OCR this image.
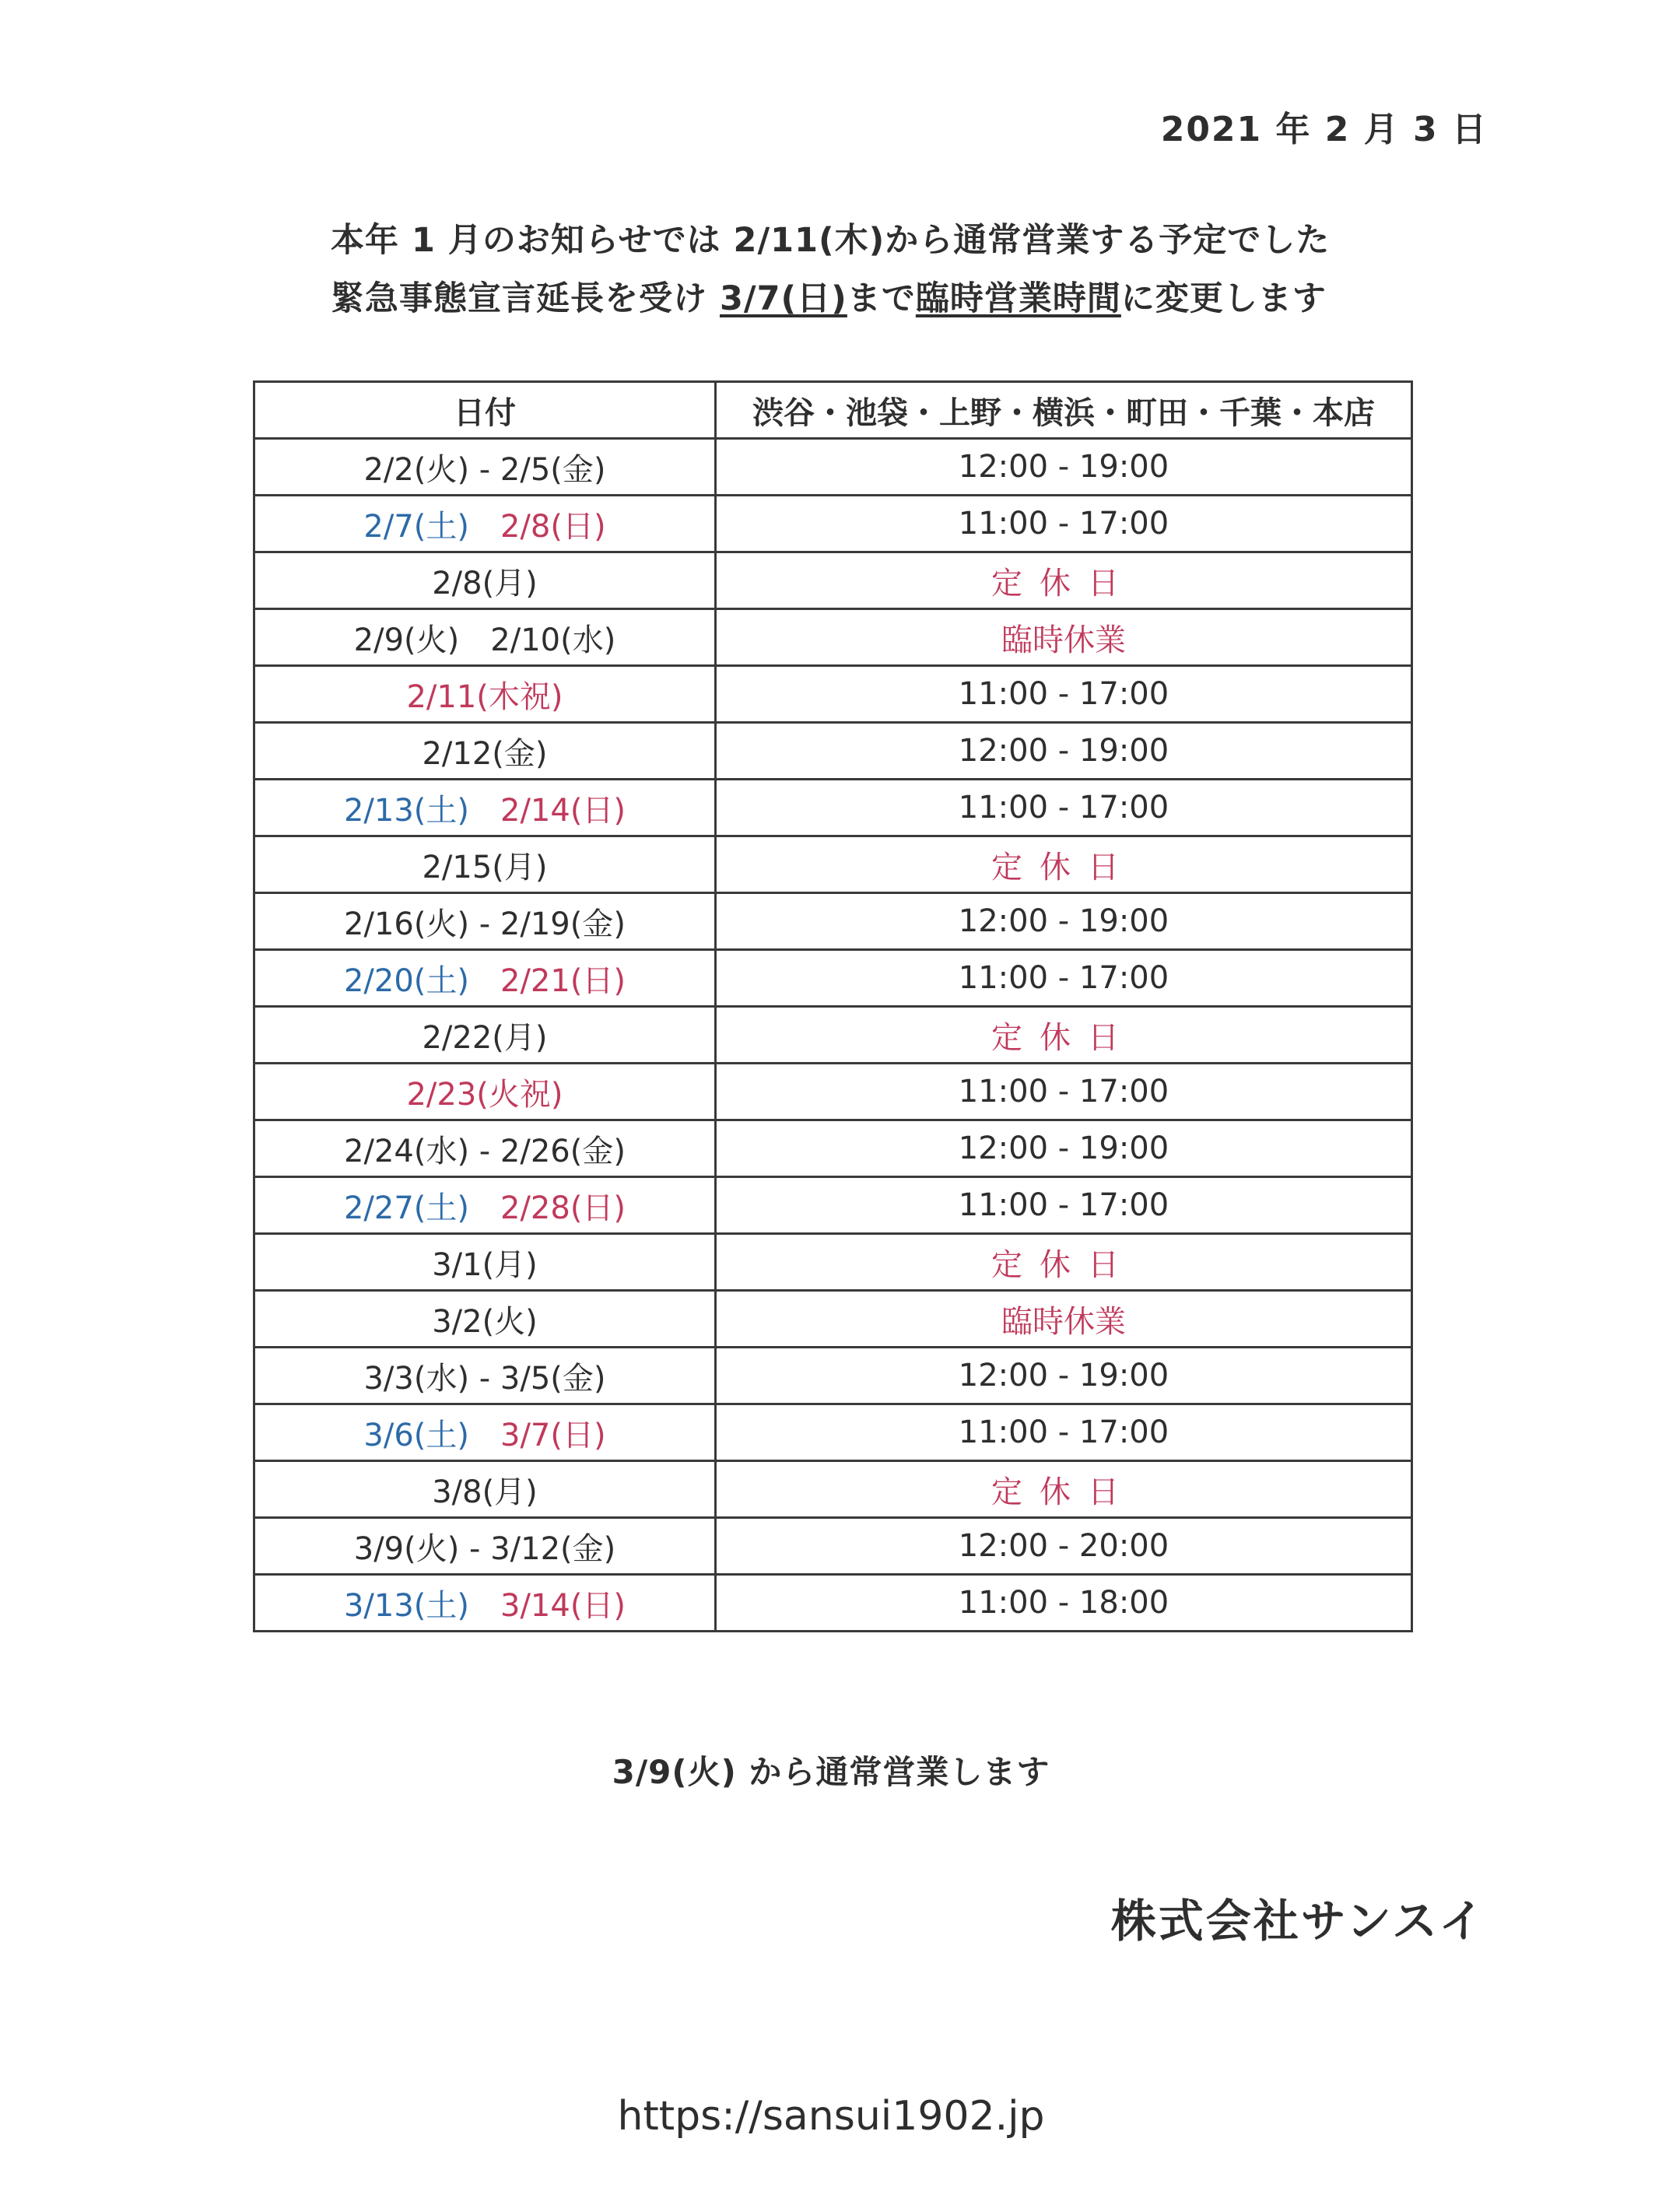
2021 年 2 月 3 日
本年 1 月のお知らせでは 2/11(木)から通常営業する予定でした
緊急事態宣言延長を受け 3/7(日)まで臨時営業時間に変更します
日付	渋谷・池袋・上野・横浜・町田・千葉・本店
2/2(火) - 2/5(金)	12:00 - 19:00
2/7(土) 2/8(日)	11:00 - 17:00
2/8(月)	定休日
2/9(火) 2/10(水)	臨時休業
2/11(木祝)	11:00 - 17:00
2/12(金)	12:00 - 19:00
2/13(土) 2/14(日)	11:00 - 17:00
2/15(月)	定休日
2/16(火) - 2/19(金)	12:00 - 19:00
2/20(土) 2/21(日)	11:00 - 17:00
2/22(月)	定休日
2/23(火祝)	11:00 - 17:00
2/24(水) - 2/26(金)	12:00 - 19:00
2/27(土) 2/28(日)	11:00 - 17:00
3/1(月)	定休日
3/2(火)	臨時休業
3/3(水) - 3/5(金)	12:00 - 19:00
3/6(土) 3/7(日)	11:00 - 17:00
3/8(月)	定休日
3/9(火) - 3/12(金)	12:00 - 20:00
3/13(土) 3/14(日)	11:00 - 18:00
3/9(火) から通常営業します
株式会社サンスイ
https://sansui1902.jp
